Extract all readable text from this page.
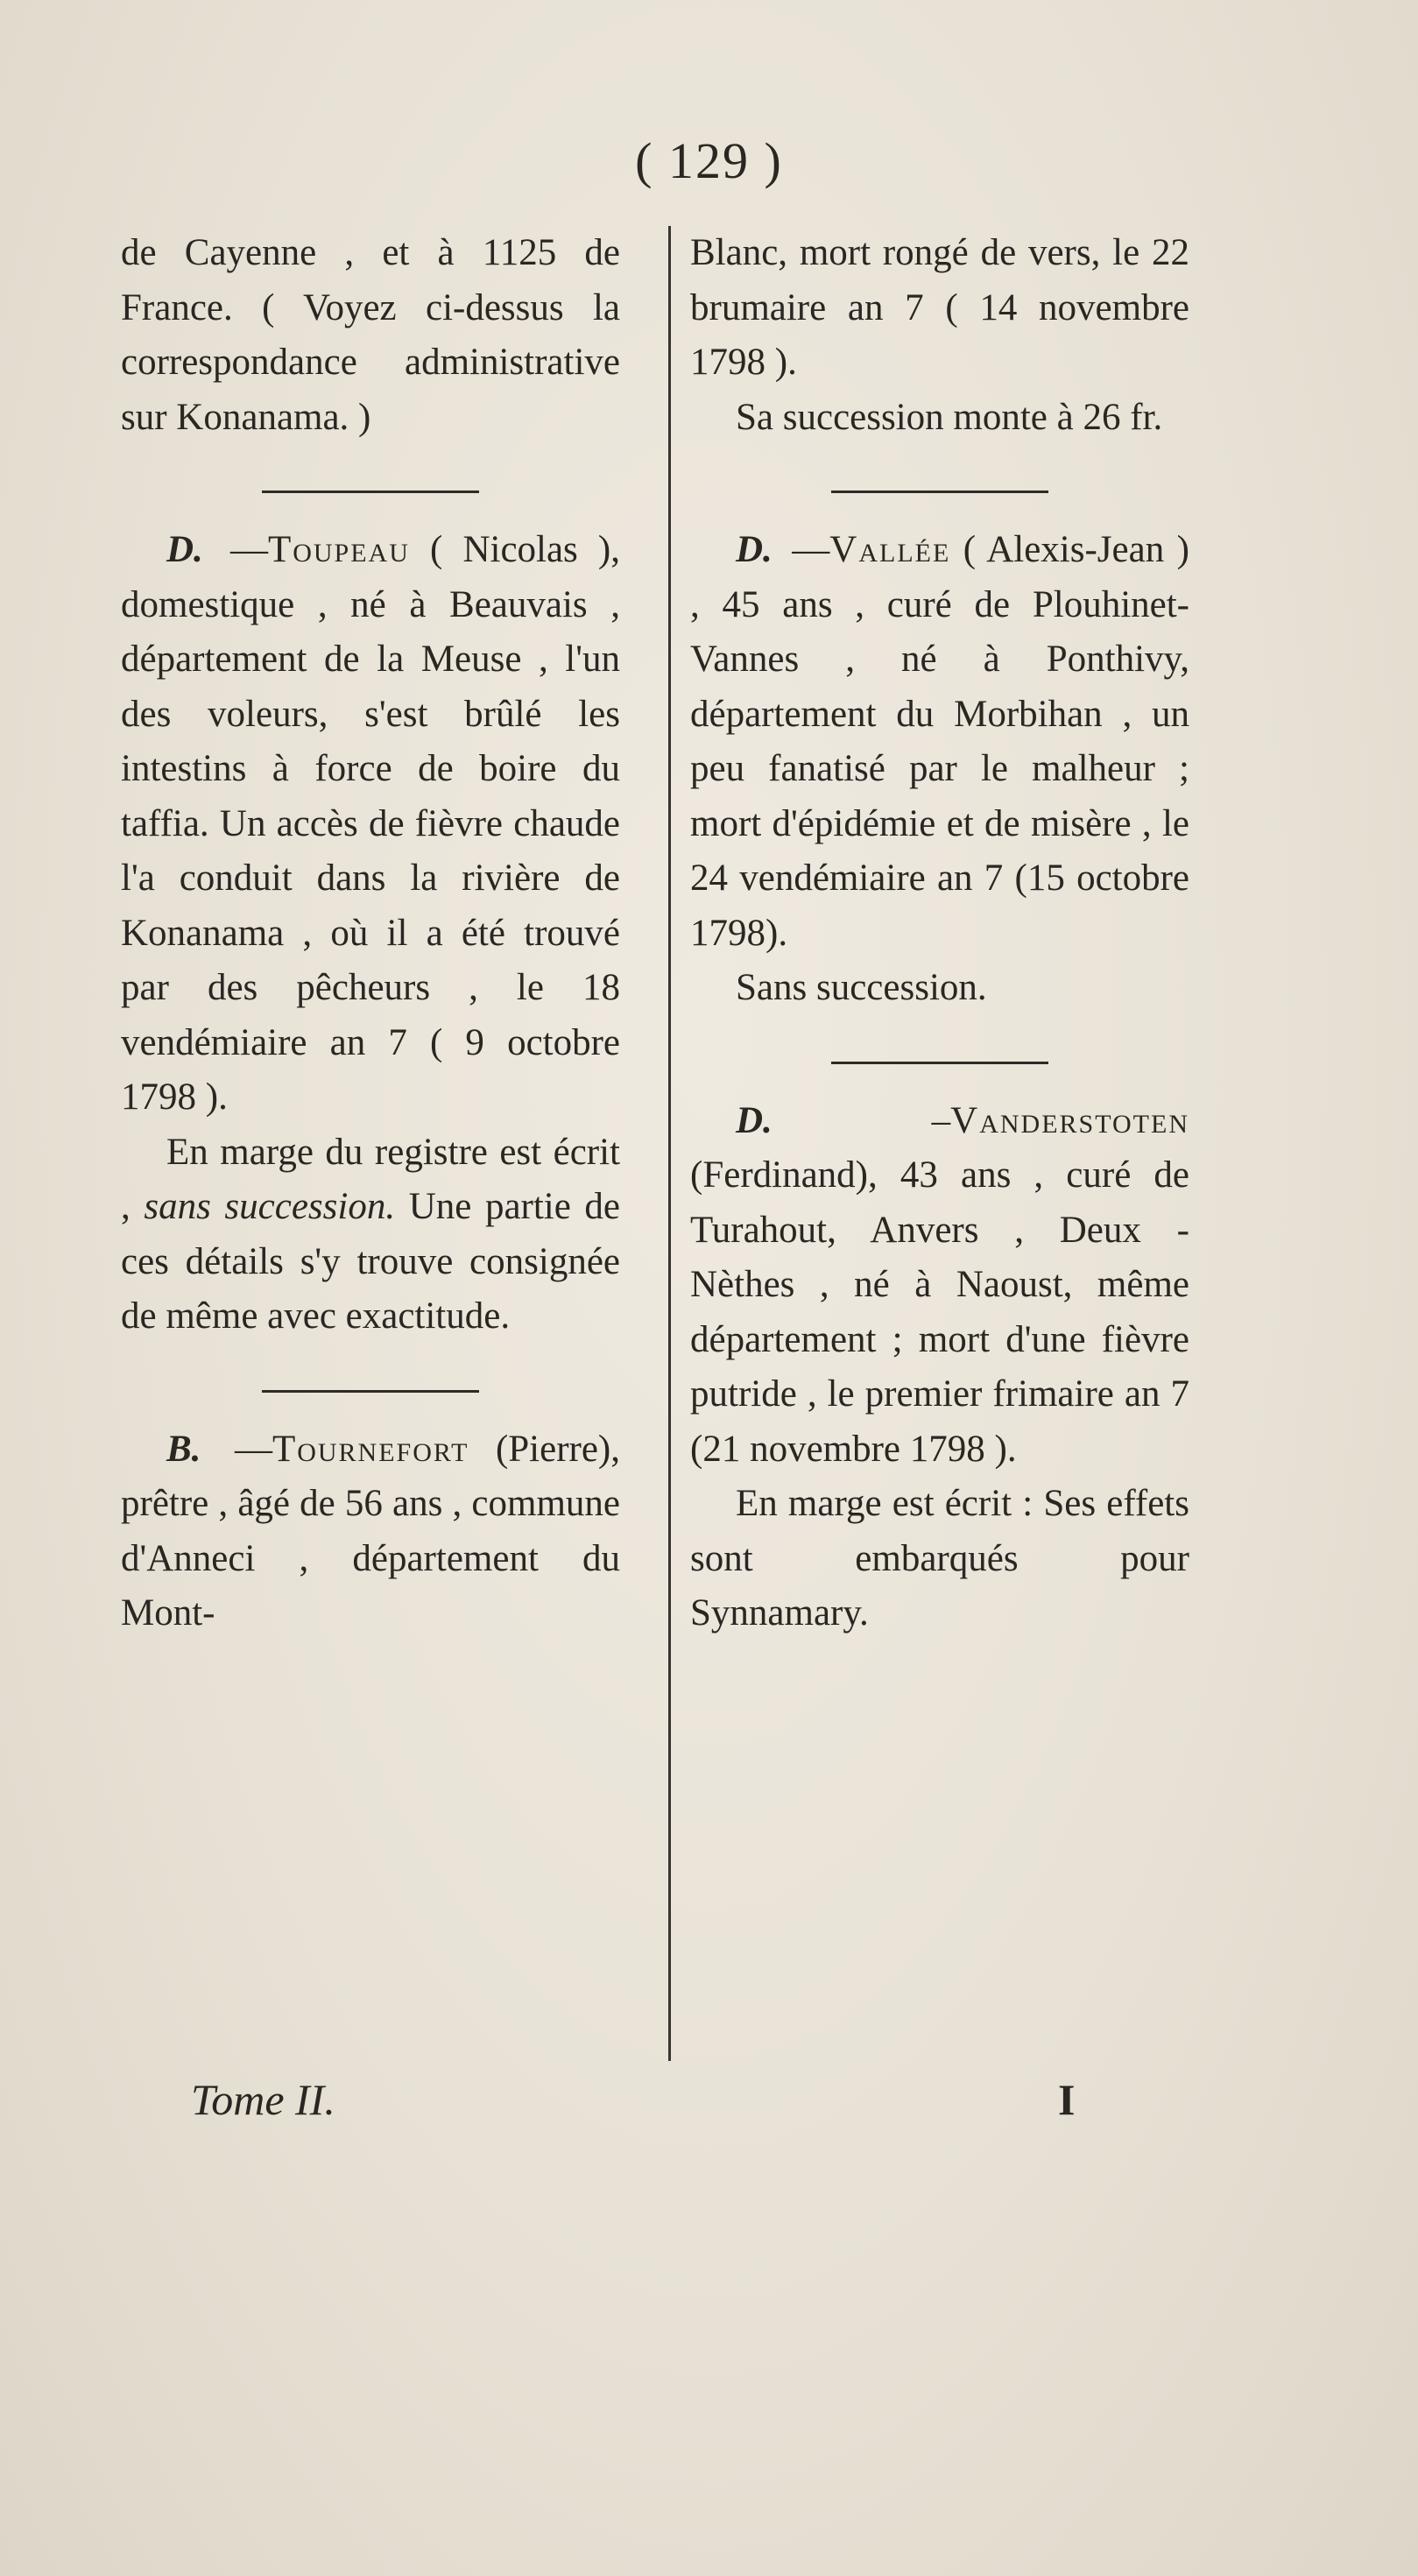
( 129 )

de Cayenne , et à 1125 de France. ( Voyez ci-dessus la correspondance administrative sur Konanama. )

D. —Toupeau ( Nicolas ), domestique , né à Beauvais , département de la Meuse , l'un des voleurs, s'est brûlé les intestins à force de boire du taffia. Un accès de fièvre chaude l'a conduit dans la rivière de Konanama , où il a été trouvé par des pêcheurs , le 18 vendémiaire an 7 ( 9 octobre 1798 ).

En marge du registre est écrit , sans succession. Une partie de ces détails s'y trouve consignée de même avec exactitude.

B. —Tournefort (Pierre), prêtre , âgé de 56 ans , commune d'Anneci , département du Mont-

Blanc, mort rongé de vers, le 22 brumaire an 7 ( 14 novembre 1798 ).

Sa succession monte à 26 fr.

D. —Vallée ( Alexis-Jean ) , 45 ans , curé de Plouhinet-Vannes , né à Ponthivy, département du Morbihan , un peu fanatisé par le malheur ; mort d'épidémie et de misère , le 24 vendémiaire an 7 (15 octobre 1798).

Sans succession.

D. –Vanderstoten (Ferdinand), 43 ans , curé de Turahout, Anvers , Deux - Nèthes , né à Naoust, même département ; mort d'une fièvre putride , le premier frimaire an 7 (21 novembre 1798 ).

En marge est écrit : Ses effets sont embarqués pour Synnamary.

Tome II.	I
